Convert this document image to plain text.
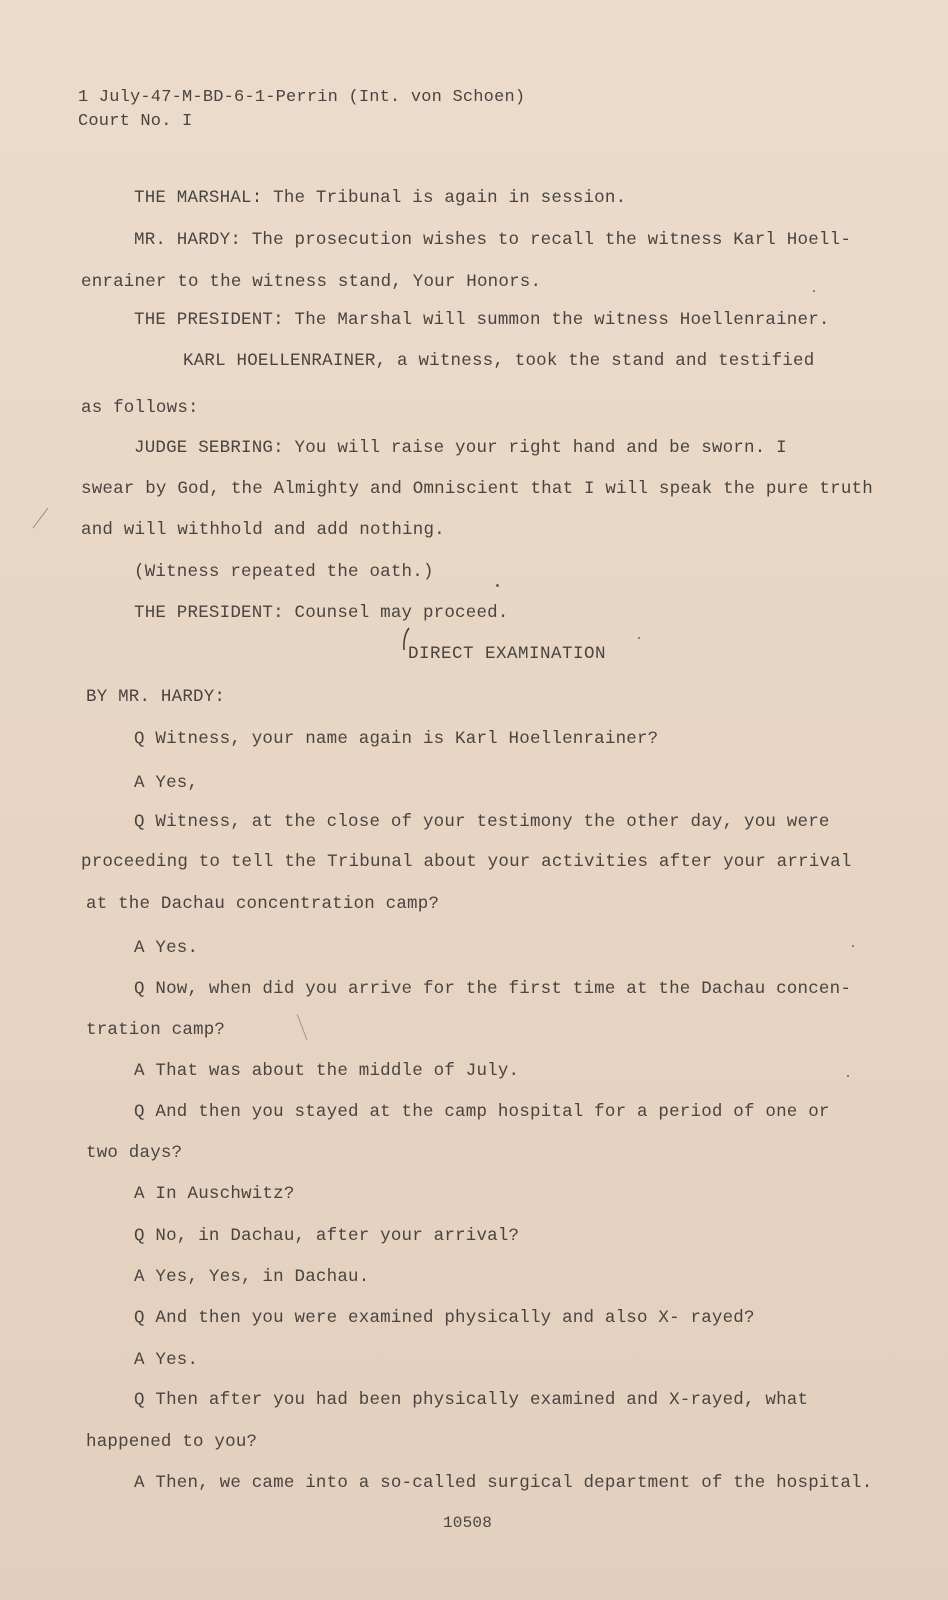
1 July-47-M-BD-6-1-Perrin (Int. von Schoen)
Court No. I
THE MARSHAL: The Tribunal is again in session.
MR. HARDY: The prosecution wishes to recall the witness Karl Hoell-
enrainer to the witness stand, Your Honors.
THE PRESIDENT: The Marshal will summon the witness Hoellenrainer.
KARL HOELLENRAINER, a witness, took the stand and testified
as follows:
JUDGE SEBRING: You will raise your right hand and be sworn. I
swear by God, the Almighty and Omniscient that I will speak the pure truth
and will withhold and add nothing.
(Witness repeated the oath.)
THE PRESIDENT: Counsel may proceed.
DIRECT EXAMINATION
BY MR. HARDY:
Q Witness, your name again is Karl Hoellenrainer?
A Yes,
Q Witness, at the close of your testimony the other day, you were
proceeding to tell the Tribunal about your activities after your arrival
at the Dachau concentration camp?
A Yes.
Q Now, when did you arrive for the first time at the Dachau concen-
tration camp?
A That was about the middle of July.
Q And then you stayed at the camp hospital for a period of one or
two days?
A In Auschwitz?
Q No, in Dachau, after your arrival?
A Yes, Yes, in Dachau.
Q And then you were examined physically and also X- rayed?
A Yes.
Q Then after you had been physically examined and X-rayed, what
happened to you?
A Then, we came into a so-called surgical department of the hospital.
10508
